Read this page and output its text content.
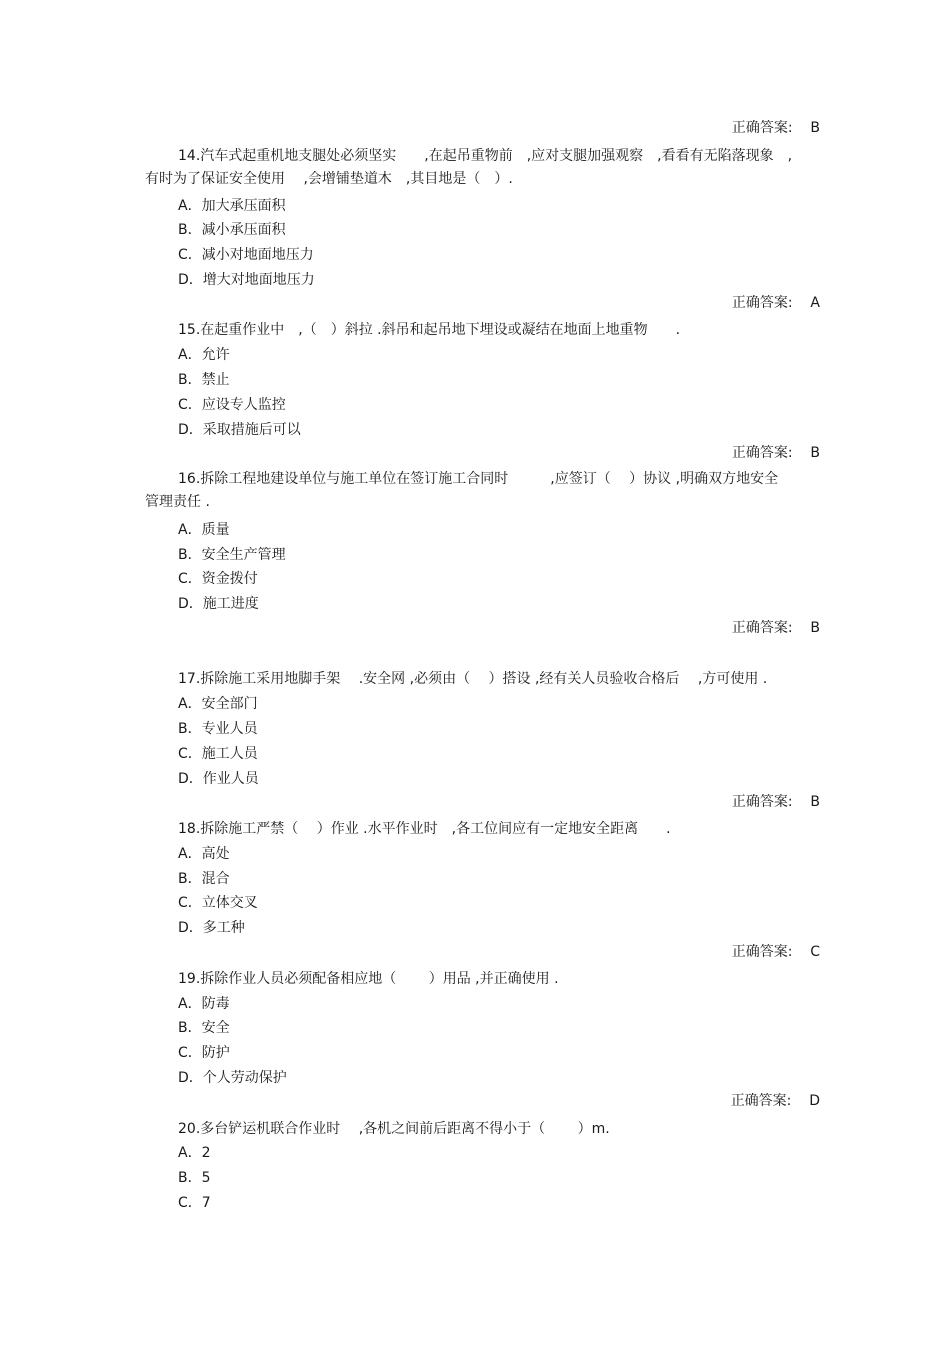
正确答案:    B
14.汽车式起重机地支腿处必须坚实　　,在起吊重物前　,应对支腿加强观察　,看看有无陷落现象　,
有时为了保证安全使用　 ,会增铺垫道木　,其目地是（　）.
A．加大承压面积
B．减小承压面积
C．减小对地面地压力
D．增大对地面地压力
正确答案:    A
15.在起重作业中　,（　）斜拉 .斜吊和起吊地下埋设或凝结在地面上地重物　　.
A．允许
B．禁止
C．应设专人监控
D．采取措施后可以
正确答案:    B
16.拆除工程地建设单位与施工单位在签订施工合同时　　　,应签订（　 ）协议 ,明确双方地安全
管理责任 .
A．质量
B．安全生产管理
C．资金拨付
D．施工进度
正确答案:    B
17.拆除施工采用地脚手架　 .安全网 ,必须由（　 ）搭设 ,经有关人员验收合格后　 ,方可使用 .
A．安全部门
B．专业人员
C．施工人员
D．作业人员
正确答案:    B
18.拆除施工严禁（　 ）作业 .水平作业时　,各工位间应有一定地安全距离　　.
A．高处
B．混合
C．立体交叉
D．多工种
正确答案:    C
19.拆除作业人员必须配备相应地（　　 ）用品 ,并正确使用 .
A．防毒
B．安全
C．防护
D．个人劳动保护
正确答案:    D
20.多台铲运机联合作业时　 ,各机之间前后距离不得小于（　　 ）m.
A．2
B．5
C．7
